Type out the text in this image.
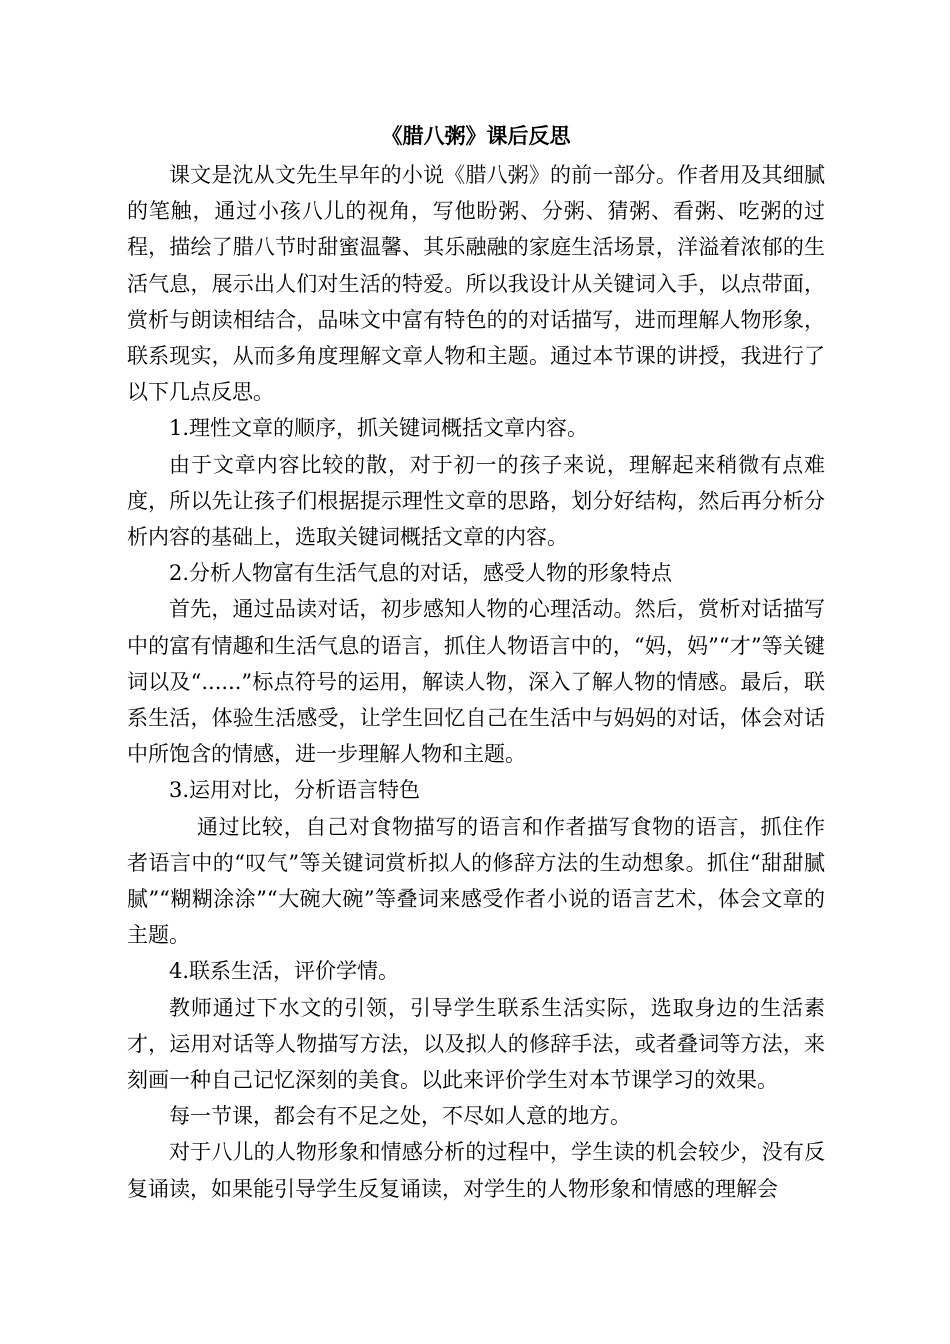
《腊八粥》课后反思

课文是沈从文先生早年的小说《腊八粥》的前一部分。作者用及其细腻的笔触，通过小孩八儿的视角，写他盼粥、分粥、猜粥、看粥、吃粥的过程，描绘了腊八节时甜蜜温馨、其乐融融的家庭生活场景，洋溢着浓郁的生活气息，展示出人们对生活的特爱。所以我设计从关键词入手，以点带面，赏析与朗读相结合，品味文中富有特色的的对话描写，进而理解人物形象，联系现实，从而多角度理解文章人物和主题。通过本节课的讲授，我进行了以下几点反思。

1.理性文章的顺序，抓关键词概括文章内容。

由于文章内容比较的散，对于初一的孩子来说，理解起来稍微有点难度，所以先让孩子们根据提示理性文章的思路，划分好结构，然后再分析分析内容的基础上，选取关键词概括文章的内容。

2.分析人物富有生活气息的对话，感受人物的形象特点

首先，通过品读对话，初步感知人物的心理活动。然后，赏析对话描写中的富有情趣和生活气息的语言，抓住人物语言中的，“妈，妈”“才”等关键词以及“......”标点符号的运用，解读人物，深入了解人物的情感。最后，联系生活，体验生活感受，让学生回忆自己在生活中与妈妈的对话，体会对话中所饱含的情感，进一步理解人物和主题。

3.运用对比，分析语言特色

通过比较，自己对食物描写的语言和作者描写食物的语言，抓住作者语言中的“叹气”等关键词赏析拟人的修辞方法的生动想象。抓住“甜甜腻腻”“糊糊涂涂”“大碗大碗”等叠词来感受作者小说的语言艺术，体会文章的主题。

4.联系生活，评价学情。

教师通过下水文的引领，引导学生联系生活实际，选取身边的生活素才，运用对话等人物描写方法，以及拟人的修辞手法，或者叠词等方法，来刻画一种自己记忆深刻的美食。以此来评价学生对本节课学习的效果。

每一节课，都会有不足之处，不尽如人意的地方。

对于八儿的人物形象和情感分析的过程中，学生读的机会较少，没有反复诵读，如果能引导学生反复诵读，对学生的人物形象和情感的理解会
